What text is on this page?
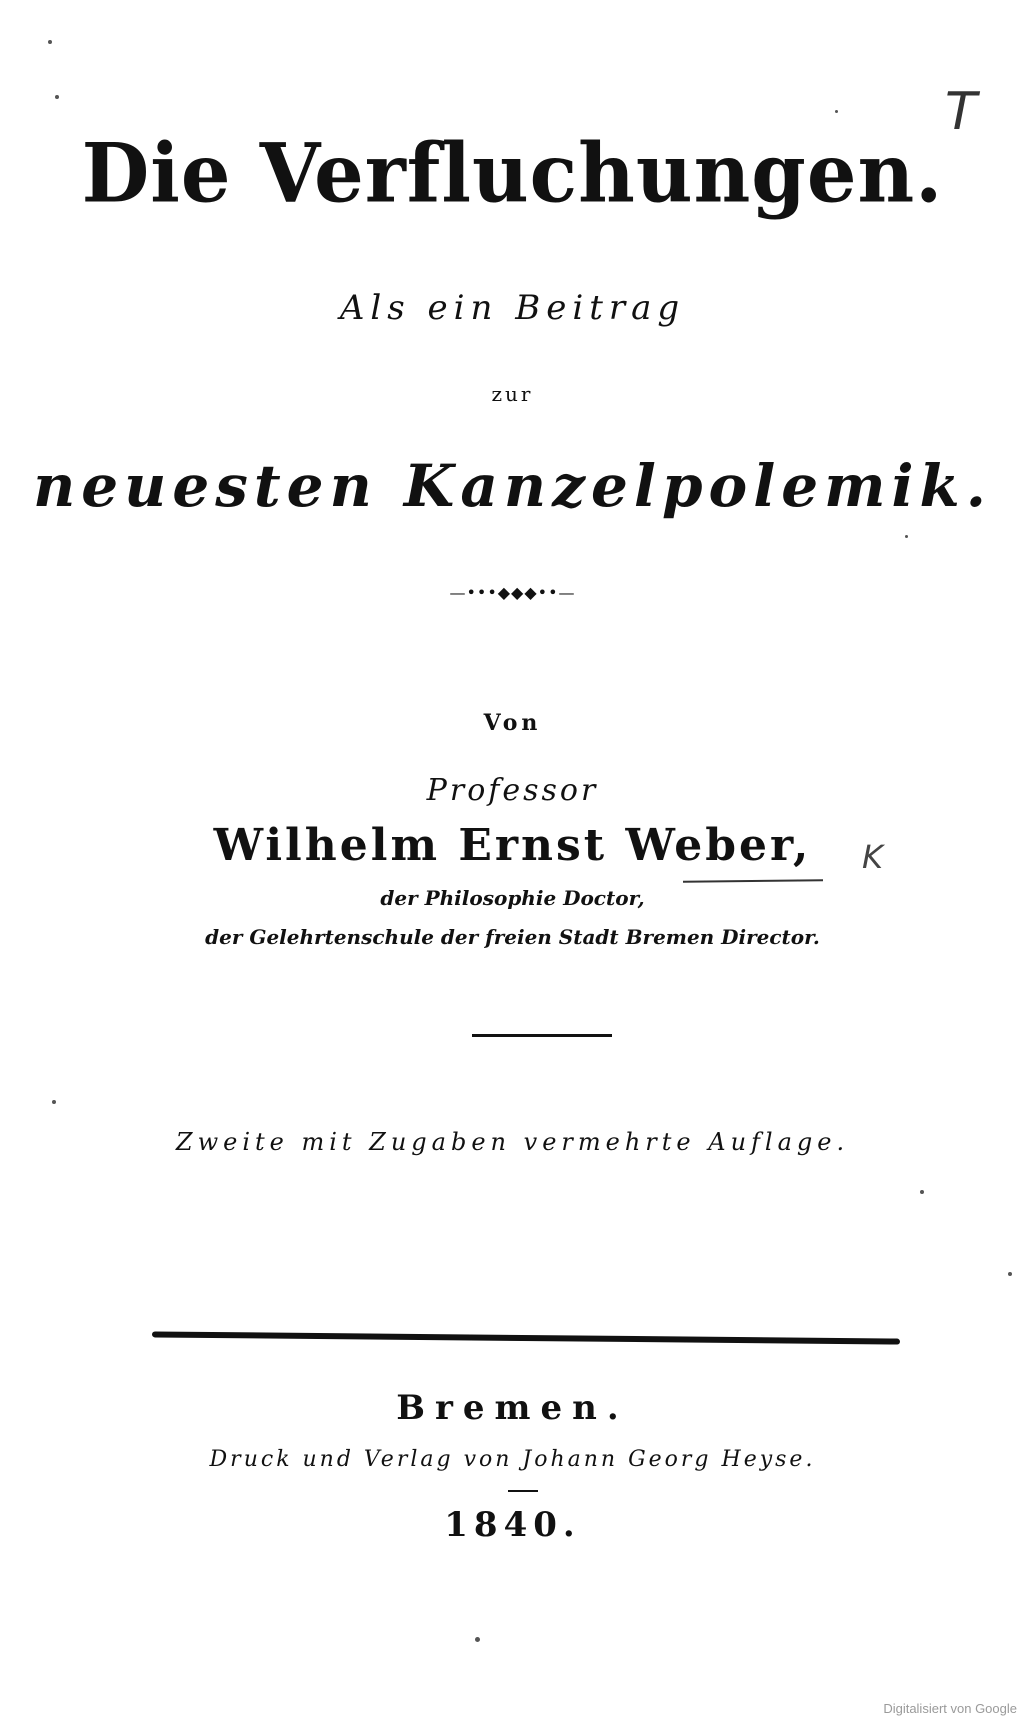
T
Die Verfluchungen.
Als ein Beitrag
zur
neuesten Kanzelpolemik.
—•••◆◆◆••—
Von
Professor
Wilhelm Ernst Weber,	K
der Philosophie Doctor,
der Gelehrtenschule der freien Stadt Bremen Director.
Zweite mit Zugaben vermehrte Auflage.
Bremen.
Druck und Verlag von Johann Georg Heyse.
1840.
Digitalisiert von Google
